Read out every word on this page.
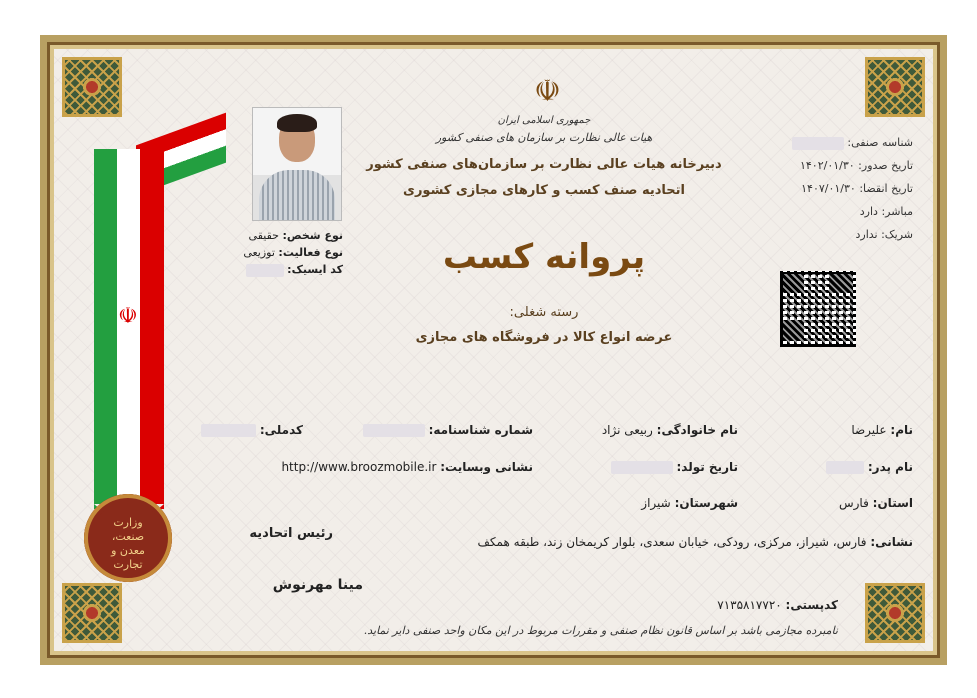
☫
وزارت صنعت، معدن و تجارت
نوع شخص: حقیقی
نوع فعالیت: توزیعی
کد ایسیک:
☫
جمهوری اسلامی ایران
هیات عالی نظارت بر سازمان های صنفی کشور
دبیرخانه هیات عالی نظارت بر سازمان‌های صنفی کشور
اتحادیه صنف کسب و کارهای مجازی کشوری
پروانه کسب
رسته شغلی:
عرضه انواع کالا در فروشگاه های مجازی
شناسه صنفی:
تاریخ صدور: ۱۴۰۲/۰۱/۳۰
تاریخ انقضا: ۱۴۰۷/۰۱/۳۰
مباشر: دارد
شریک: ندارد
نام: علیرضا
نام خانوادگی: ربیعی نژاد
شماره شناسنامه:
کدملی:
نام پدر:
تاریخ تولد:
نشانی وبسایت: http://www.broozmobile.ir
استان: فارس
شهرستان: شیراز
رئیس اتحادیه
نشانی: فارس، شیراز، مرکزی، رودکی، خیابان سعدی، بلوار کریمخان زند، طبقه همکف
مینا مهرنوش
کدپستی: ۷۱۳۵۸۱۷۷۲۰
نامبرده مجازمی باشد بر اساس قانون نظام صنفی و مقررات مربوط در این مکان واحد صنفی دایر نماید.
